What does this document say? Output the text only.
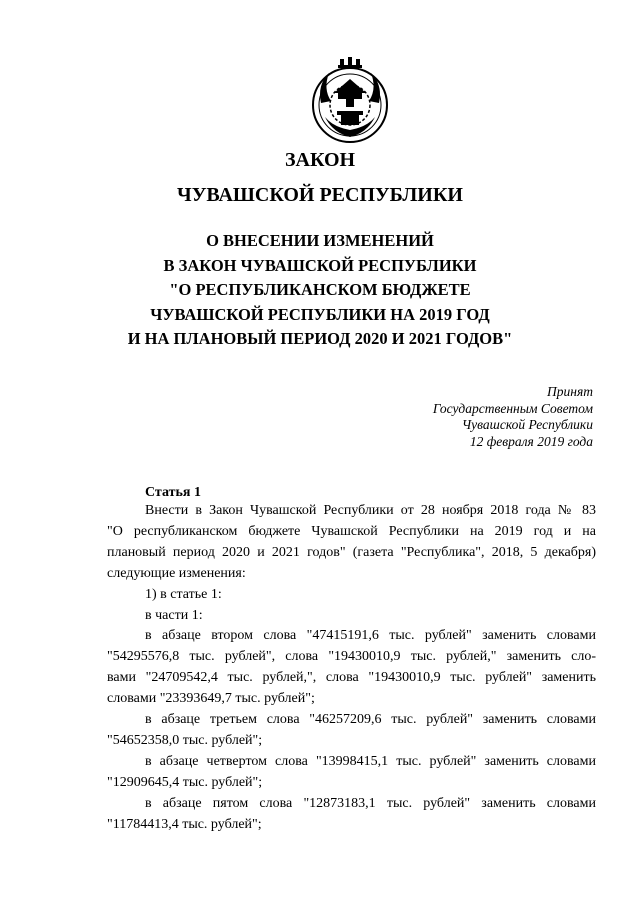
ЗАКОН
ЧУВАШСКОЙ РЕСПУБЛИКИ
О ВНЕСЕНИИ ИЗМЕНЕНИЙ
В ЗАКОН ЧУВАШСКОЙ РЕСПУБЛИКИ
"О РЕСПУБЛИКАНСКОМ БЮДЖЕТЕ
ЧУВАШСКОЙ РЕСПУБЛИКИ НА 2019 ГОД
И НА ПЛАНОВЫЙ ПЕРИОД 2020 И 2021 ГОДОВ"
Принят
Государственным Советом
Чувашской Республики
12 февраля 2019 года
Статья 1
Внести в Закон Чувашской Республики от 28 ноября 2018 года № 83
"О республиканском бюджете Чувашской Республики на 2019 год и на
плановый период 2020 и 2021 годов" (газета "Республика", 2018, 5 декабря)
следующие изменения:
1) в статье 1:
в части 1:
в абзаце втором слова "47415191,6 тыс. рублей" заменить словами
"54295576,8 тыс. рублей", слова "19430010,9 тыс. рублей," заменить сло-
вами "24709542,4 тыс. рублей,", слова "19430010,9 тыс. рублей" заменить
словами "23393649,7 тыс. рублей";
в абзаце третьем слова "46257209,6 тыс. рублей" заменить словами
"54652358,0 тыс. рублей";
в абзаце четвертом слова "13998415,1 тыс. рублей" заменить словами
"12909645,4 тыс. рублей";
в абзаце пятом слова "12873183,1 тыс. рублей" заменить словами
"11784413,4 тыс. рублей";
